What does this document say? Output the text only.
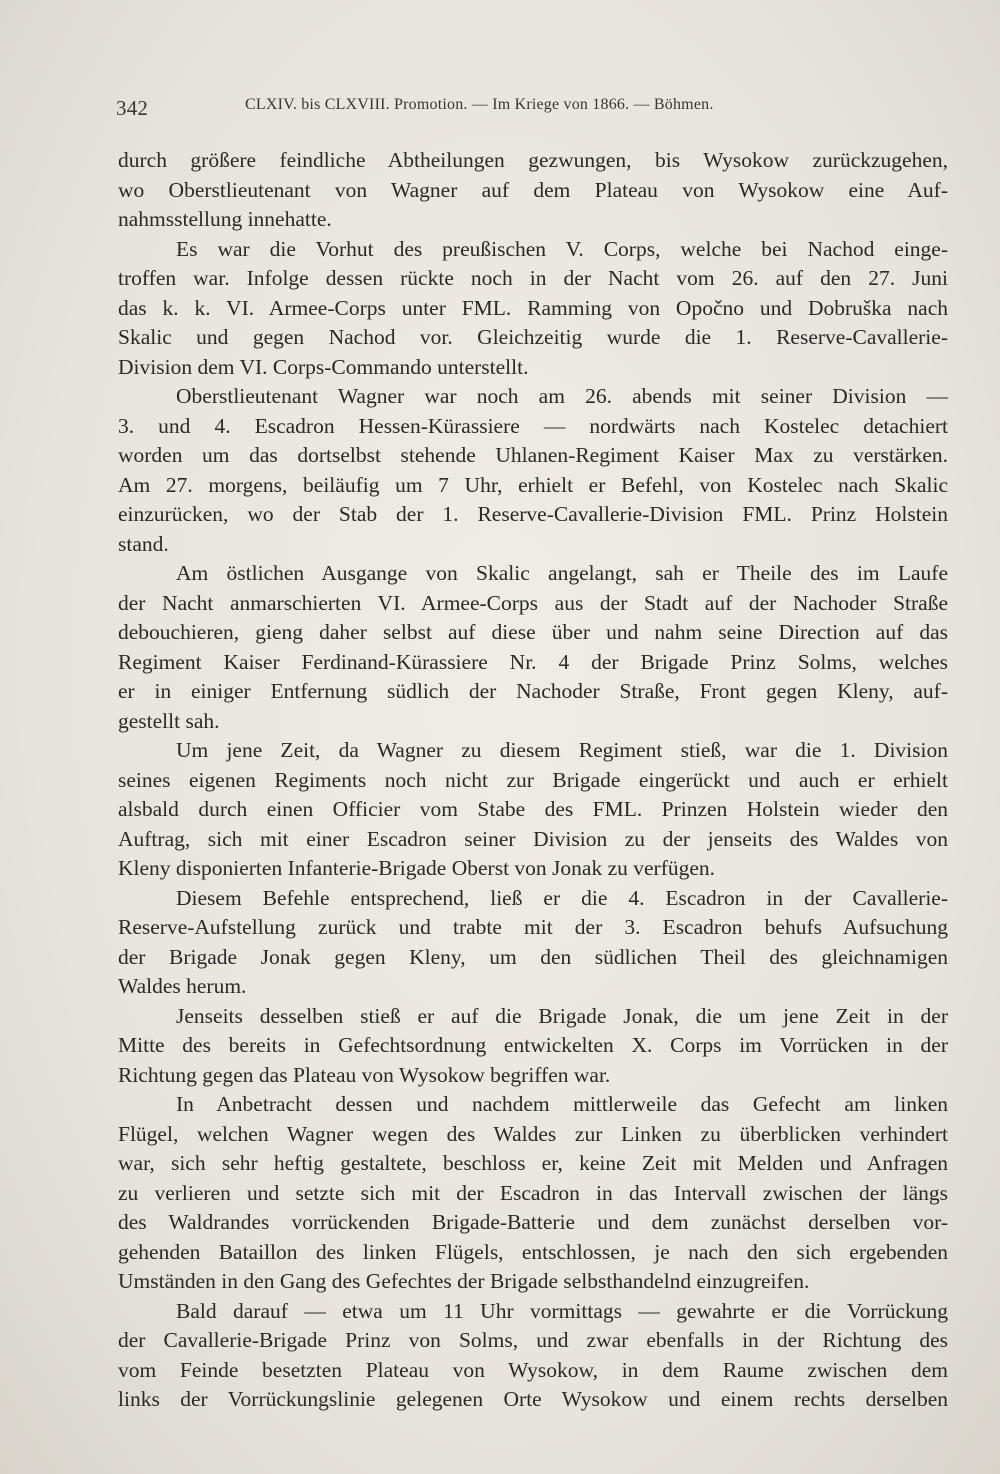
342	CLXIV. bis CLXVIII. Promotion. — Im Kriege von 1866. — Böhmen.
durch größere feindliche Abtheilungen gezwungen, bis Wysokow zurückzugehen,
wo Oberstlieutenant von Wagner auf dem Plateau von Wysokow eine Auf-
nahmsstellung innehatte.
Es war die Vorhut des preußischen V. Corps, welche bei Nachod einge-
troffen war. Infolge dessen rückte noch in der Nacht vom 26. auf den 27. Juni
das k. k. VI. Armee-Corps unter FML. Ramming von Opočno und Dobruška nach
Skalic und gegen Nachod vor. Gleichzeitig wurde die 1. Reserve-Cavallerie-
Division dem VI. Corps-Commando unterstellt.
Oberstlieutenant Wagner war noch am 26. abends mit seiner Division —
3. und 4. Escadron Hessen-Kürassiere — nordwärts nach Kostelec detachiert
worden um das dortselbst stehende Uhlanen-Regiment Kaiser Max zu verstärken.
Am 27. morgens, beiläufig um 7 Uhr, erhielt er Befehl, von Kostelec nach Skalic
einzurücken, wo der Stab der 1. Reserve-Cavallerie-Division FML. Prinz Holstein
stand.
Am östlichen Ausgange von Skalic angelangt, sah er Theile des im Laufe
der Nacht anmarschierten VI. Armee-Corps aus der Stadt auf der Nachoder Straße
debouchieren, gieng daher selbst auf diese über und nahm seine Direction auf das
Regiment Kaiser Ferdinand-Kürassiere Nr. 4 der Brigade Prinz Solms, welches
er in einiger Entfernung südlich der Nachoder Straße, Front gegen Kleny, auf-
gestellt sah.
Um jene Zeit, da Wagner zu diesem Regiment stieß, war die 1. Division
seines eigenen Regiments noch nicht zur Brigade eingerückt und auch er erhielt
alsbald durch einen Officier vom Stabe des FML. Prinzen Holstein wieder den
Auftrag, sich mit einer Escadron seiner Division zu der jenseits des Waldes von
Kleny disponierten Infanterie-Brigade Oberst von Jonak zu verfügen.
Diesem Befehle entsprechend, ließ er die 4. Escadron in der Cavallerie-
Reserve-Aufstellung zurück und trabte mit der 3. Escadron behufs Aufsuchung
der Brigade Jonak gegen Kleny, um den südlichen Theil des gleichnamigen
Waldes herum.
Jenseits desselben stieß er auf die Brigade Jonak, die um jene Zeit in der
Mitte des bereits in Gefechtsordnung entwickelten X. Corps im Vorrücken in der
Richtung gegen das Plateau von Wysokow begriffen war.
In Anbetracht dessen und nachdem mittlerweile das Gefecht am linken
Flügel, welchen Wagner wegen des Waldes zur Linken zu überblicken verhindert
war, sich sehr heftig gestaltete, beschloss er, keine Zeit mit Melden und Anfragen
zu verlieren und setzte sich mit der Escadron in das Intervall zwischen der längs
des Waldrandes vorrückenden Brigade-Batterie und dem zunächst derselben vor-
gehenden Bataillon des linken Flügels, entschlossen, je nach den sich ergebenden
Umständen in den Gang des Gefechtes der Brigade selbsthandelnd einzugreifen.
Bald darauf — etwa um 11 Uhr vormittags — gewahrte er die Vorrückung
der Cavallerie-Brigade Prinz von Solms, und zwar ebenfalls in der Richtung des
vom Feinde besetzten Plateau von Wysokow, in dem Raume zwischen dem
links der Vorrückungslinie gelegenen Orte Wysokow und einem rechts derselben
